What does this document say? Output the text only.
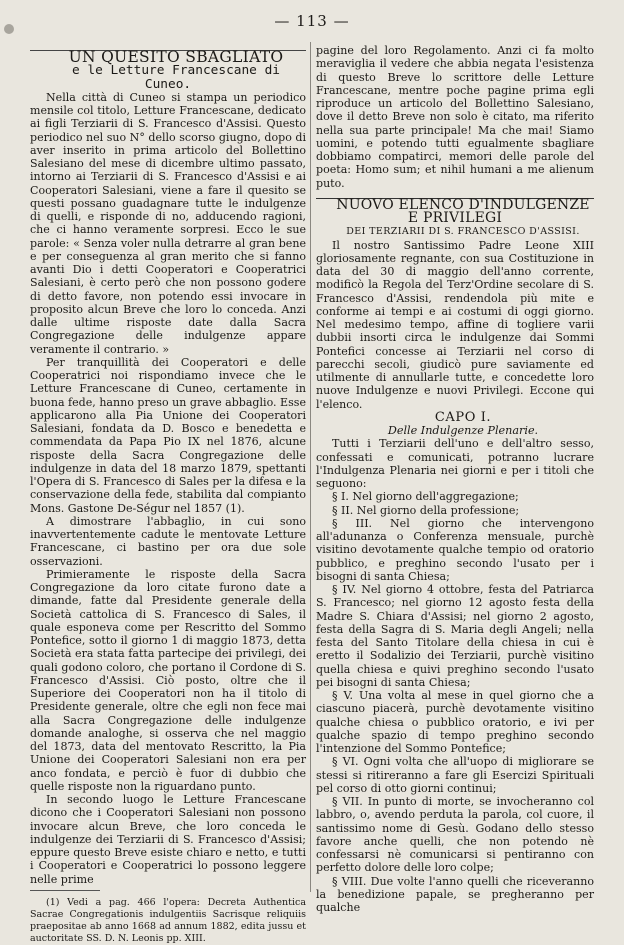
— 113 —

UN QUESITO SBAGLIATO

e le Letture Francescane di Cuneo.

Nella città di Cuneo si stampa un periodico mensile col titolo, Letture Francescane, dedicato ai figli Terziarii di S. Francesco d'Assisi. Questo periodico nel suo N° dello scorso giugno, dopo di aver inserito in prima articolo del Bollettino Salesiano del mese di dicembre ultimo passato, intorno ai Terziarii di S. Francesco d'Assisi e ai Cooperatori Salesiani, viene a fare il quesito se questi possano guadagnare tutte le indulgenze di quelli, e risponde di no, adducendo ragioni, che ci hanno veramente sorpresi. Ecco le sue parole: « Senza voler nulla detrarre al gran bene e per conseguenza al gran merito che si fanno avanti Dio i detti Cooperatori e Cooperatrici Salesiani, è certo però che non possono godere di detto favore, non potendo essi invocare in proposito alcun Breve che loro lo conceda. Anzi dalle ultime risposte date dalla Sacra Congregazione delle indulgenze appare veramente il contrario. »

Per tranquillità dei Cooperatori e delle Cooperatrici noi rispondiamo invece che le Letture Francescane di Cuneo, certamente in buona fede, hanno preso un grave abbaglio. Esse applicarono alla Pia Unione dei Cooperatori Salesiani, fondata da D. Bosco e benedetta e commendata da Papa Pio IX nel 1876, alcune risposte della Sacra Congregazione delle indulgenze in data del 18 marzo 1879, spettanti l'Opera di S. Francesco di Sales per la difesa e la conservazione della fede, stabilita dal compianto Mons. Gastone De-Ségur nel 1857 (1).

A dimostrare l'abbaglio, in cui sono inavvertentemente cadute le mentovate Letture Francescane, ci bastino per ora due sole osservazioni.

Primieramente le risposte della Sacra Congregazione da loro citate furono date a dimande, fatte dal Presidente generale della Società cattolica di S. Francesco di Sales, il quale esponeva come per Rescritto del Sommo Pontefice, sotto il giorno 1 di maggio 1873, detta Società era stata fatta partecipe dei privilegi, dei quali godono coloro, che portano il Cordone di S. Francesco d'Assisi. Ciò posto, oltre che il Superiore dei Cooperatori non ha il titolo di Presidente generale, oltre che egli non fece mai alla Sacra Congregazione delle indulgenze domande analoghe, si osserva che nel maggio del 1873, data del mentovato Rescritto, la Pia Unione dei Cooperatori Salesiani non era per anco fondata, e perciò è fuor di dubbio che quelle risposte non la riguardano punto.

In secondo luogo le Letture Francescane dicono che i Cooperatori Salesiani non possono invocare alcun Breve, che loro conceda le indulgenze dei Terziarii di S. Francesco d'Assisi; eppure questo Breve esiste chiaro e netto, e tutti i Cooperatori e Cooperatrici lo possono leggere nelle prime

(1) Vedi a pag. 466 l'opera: Decreta Authentica Sacrae Congregationis indulgentiis Sacrisque reliquiis praepositae ab anno 1668 ad annum 1882, edita jussu et auctoritate SS. D. N. Leonis pp. XIII.

pagine del loro Regolamento. Anzi ci fa molto meraviglia il vedere che abbia negata l'esistenza di questo Breve lo scrittore delle Letture Francescane, mentre poche pagine prima egli riproduce un articolo del Bollettino Salesiano, dove il detto Breve non solo è citato, ma riferito nella sua parte principale! Ma che mai! Siamo uomini, e potendo tutti egualmente sbagliare dobbiamo compatirci, memori delle parole del poeta: Homo sum; et nihil humani a me alienum puto.

NUOVO ELENCO D'INDULGENZE E PRIVILEGI

DEI TERZIARII DI S. FRANCESCO D'ASSISI.

Il nostro Santissimo Padre Leone XIII gloriosamente regnante, con sua Costituzione in data del 30 di maggio dell'anno corrente, modificò la Regola del Terz'Ordine secolare di S. Francesco d'Assisi, rendendola più mite e conforme ai tempi e ai costumi di oggi giorno. Nel medesimo tempo, affine di togliere varii dubbii insorti circa le indulgenze dai Sommi Pontefici concesse ai Terziarii nel corso di parecchi secoli, giudicò pure saviamente ed utilmente di annullarle tutte, e concedette loro nuove Indulgenze e nuovi Privilegi. Eccone qui l'elenco.

CAPO I.

Delle Indulgenze Plenarie.

Tutti i Terziarii dell'uno e dell'altro sesso, confessati e comunicati, potranno lucrare l'Indulgenza Plenaria nei giorni e per i titoli che seguono:

§ I. Nel giorno dell'aggregazione;

§ II. Nel giorno della professione;

§ III. Nel giorno che intervengono all'adunanza o Conferenza mensuale, purchè visitino devotamente qualche tempio od oratorio pubblico, e preghino secondo l'usato per i bisogni di santa Chiesa;

§ IV. Nel giorno 4 ottobre, festa del Patriarca S. Francesco; nel giorno 12 agosto festa della Madre S. Chiara d'Assisi; nel giorno 2 agosto, festa della Sagra di S. Maria degli Angeli; nella festa del Santo Titolare della chiesa in cui è eretto il Sodalizio dei Terziarii, purchè visitino quella chiesa e quivi preghino secondo l'usato pei bisogni di santa Chiesa;

§ V. Una volta al mese in quel giorno che a ciascuno piacerà, purchè devotamente visitino qualche chiesa o pubblico oratorio, e ivi per qualche spazio di tempo preghino secondo l'intenzione del Sommo Pontefice;

§ VI. Ogni volta che all'uopo di migliorare se stessi si ritireranno a fare gli Esercizi Spirituali pel corso di otto giorni continui;

§ VII. In punto di morte, se invocheranno col labbro, o, avendo perduta la parola, col cuore, il santissimo nome di Gesù. Godano dello stesso favore anche quelli, che non potendo nè confessarsi nè comunicarsi si pentiranno con perfetto dolore delle loro colpe;

§ VIII. Due volte l'anno quelli che riceveranno la benedizione papale, se pregheranno per qualche
